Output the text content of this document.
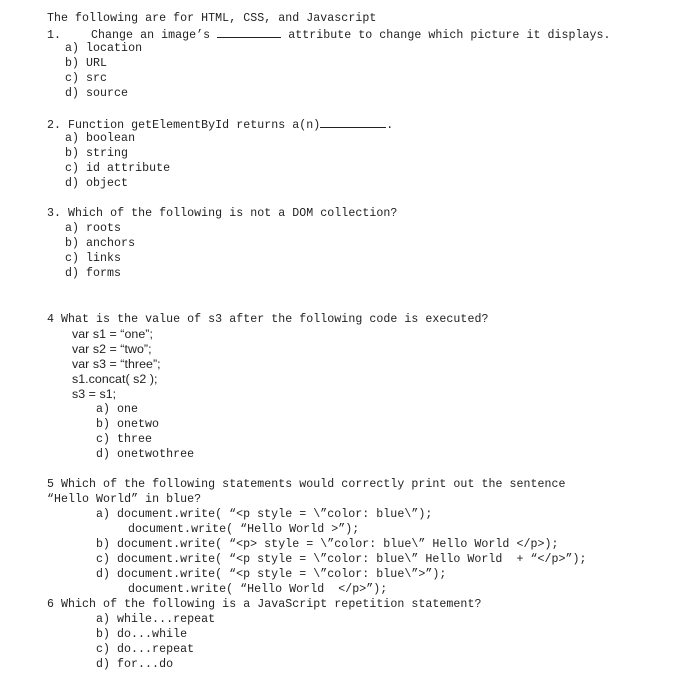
The following are for HTML, CSS, and Javascript
1.	Change an image’s	attribute to change which picture it displays.
a) location
b) URL
c) src
d) source
2. Function getElementById returns a(n)	.
a) boolean
b) string
c) id attribute
d) object
3. Which of the following is not a DOM collection?
a) roots
b) anchors
c) links
d) forms
4 What is the value of s3 after the following code is executed?
var s1 = “one”;
var s2 = “two”;
var s3 = “three”;
s1.concat( s2 );
s3 = s1;
a) one
b) onetwo
c) three
d) onetwothree
5 Which of the following statements would correctly print out the sentence
“Hello World” in blue?
a) document.write( “<p style = \”color: blue\”);
document.write( “Hello World >”);
b) document.write( “<p> style = \”color: blue\” Hello World </p>);
c) document.write( “<p style = \”color: blue\” Hello World  + “</p>”);
d) document.write( “<p style = \”color: blue\”>”);
document.write( “Hello World  </p>”);
6 Which of the following is a JavaScript repetition statement?
a) while...repeat
b) do...while
c) do...repeat
d) for...do
